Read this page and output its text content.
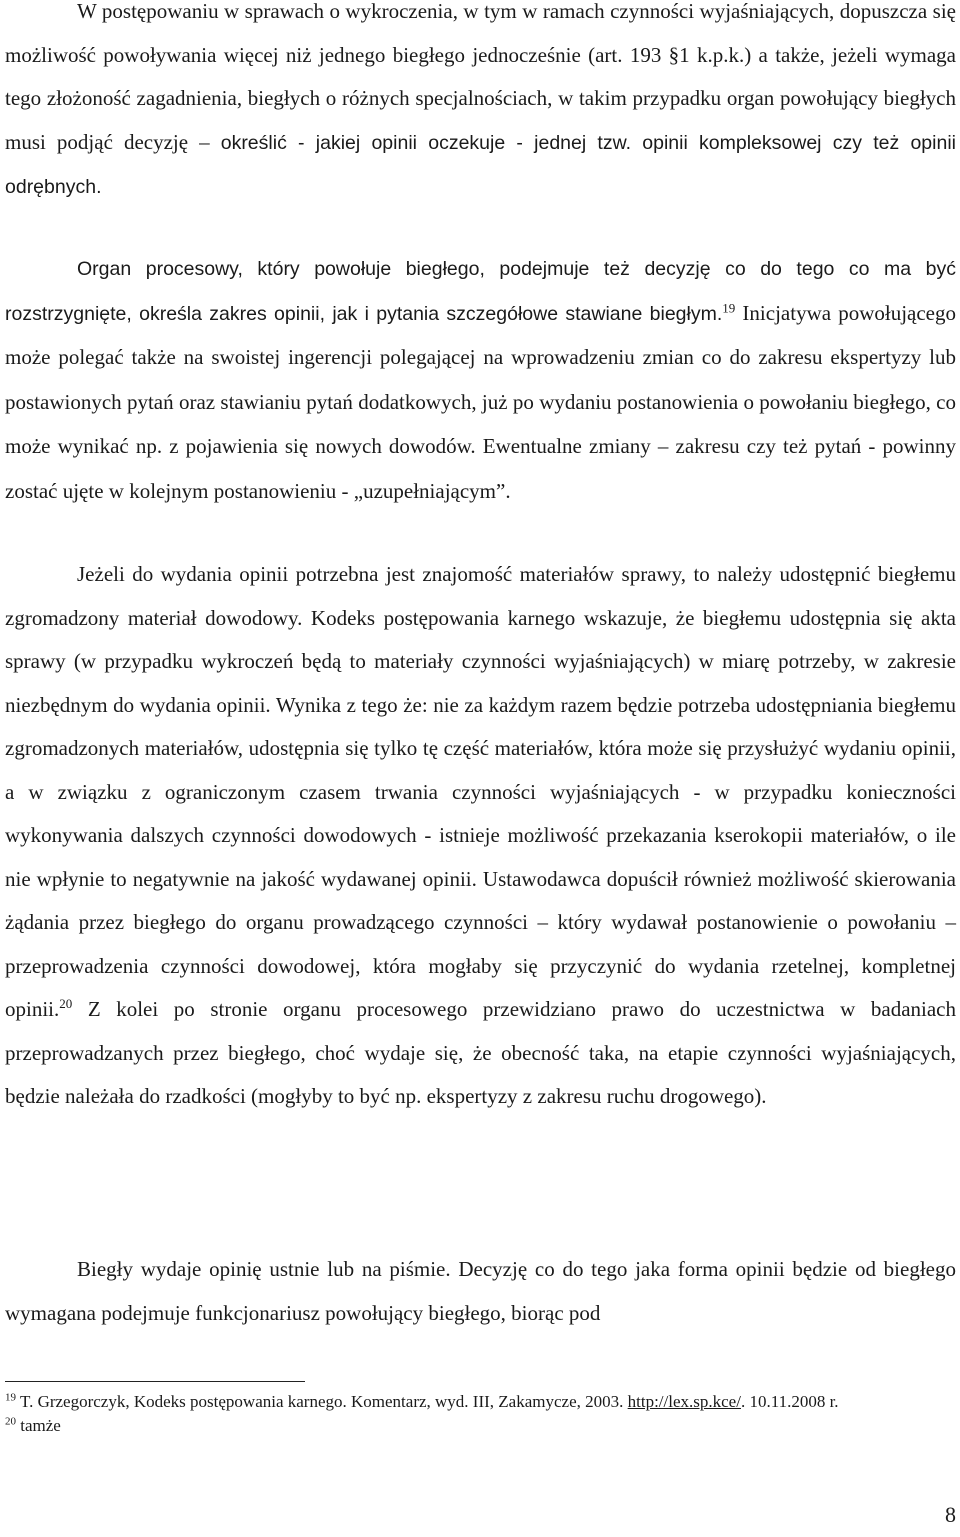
W postępowaniu w sprawach o wykroczenia, w tym w ramach czynności wyjaśniających, dopuszcza się możliwość powoływania więcej niż jednego biegłego jednocześnie (art. 193 §1 k.p.k.) a także, jeżeli wymaga tego złożoność zagadnienia, biegłych o różnych specjalnościach, w takim przypadku organ powołujący biegłych musi podjąć decyzję – określić - jakiej opinii oczekuje - jednej tzw. opinii kompleksowej czy też opinii odrębnych.

Organ procesowy, który powołuje biegłego, podejmuje też decyzję co do tego co ma być rozstrzygnięte, określa zakres opinii, jak i pytania szczegółowe stawiane biegłym.$^{19}$ Inicjatywa powołującego może polegać także na swoistej ingerencji polegającej na wprowadzeniu zmian co do zakresu ekspertyzy lub postawionych pytań oraz stawianiu pytań dodatkowych, już po wydaniu postanowienia o powołaniu biegłego, co może wynikać np. z pojawienia się nowych dowodów. Ewentualne zmiany – zakresu czy też pytań - powinny zostać ujęte w kolejnym postanowieniu - „uzupełniającym”.

Jeżeli do wydania opinii potrzebna jest znajomość materiałów sprawy, to należy udostępnić biegłemu zgromadzony materiał dowodowy. Kodeks postępowania karnego wskazuje, że biegłemu udostępnia się akta sprawy (w przypadku wykroczeń będą to materiały czynności wyjaśniających) w miarę potrzeby, w zakresie niezbędnym do wydania opinii. Wynika z tego że: nie za każdym razem będzie potrzeba udostępniania biegłemu zgromadzonych materiałów, udostępnia się tylko tę część materiałów, która może się przysłużyć wydaniu opinii, a w związku z ograniczonym czasem trwania czynności wyjaśniających - w przypadku konieczności wykonywania dalszych czynności dowodowych - istnieje możliwość przekazania kserokopii materiałów, o ile nie wpłynie to negatywnie na jakość wydawanej opinii. Ustawodawca dopuścił również możliwość skierowania żądania przez biegłego do organu prowadzącego czynności – który wydawał postanowienie o powołaniu – przeprowadzenia czynności dowodowej, która mogłaby się przyczynić do wydania rzetelnej, kompletnej opinii.$^{20}$ Z kolei po stronie organu procesowego przewidziano prawo do uczestnictwa w badaniach przeprowadzanych przez biegłego, choć wydaje się, że obecność taka, na etapie czynności wyjaśniających, będzie należała do rzadkości (mogłyby to być np. ekspertyzy z zakresu ruchu drogowego).

Biegły wydaje opinię ustnie lub na piśmie. Decyzję co do tego jaka forma opinii będzie od biegłego wymagana podejmuje funkcjonariusz powołujący biegłego, biorąc pod

$^{19}$ T. Grzegorczyk, Kodeks postępowania karnego. Komentarz, wyd. III, Zakamycze, 2003. http://lex.sp.kce/. 10.11.2008 r.

$^{20}$ tamże

8
